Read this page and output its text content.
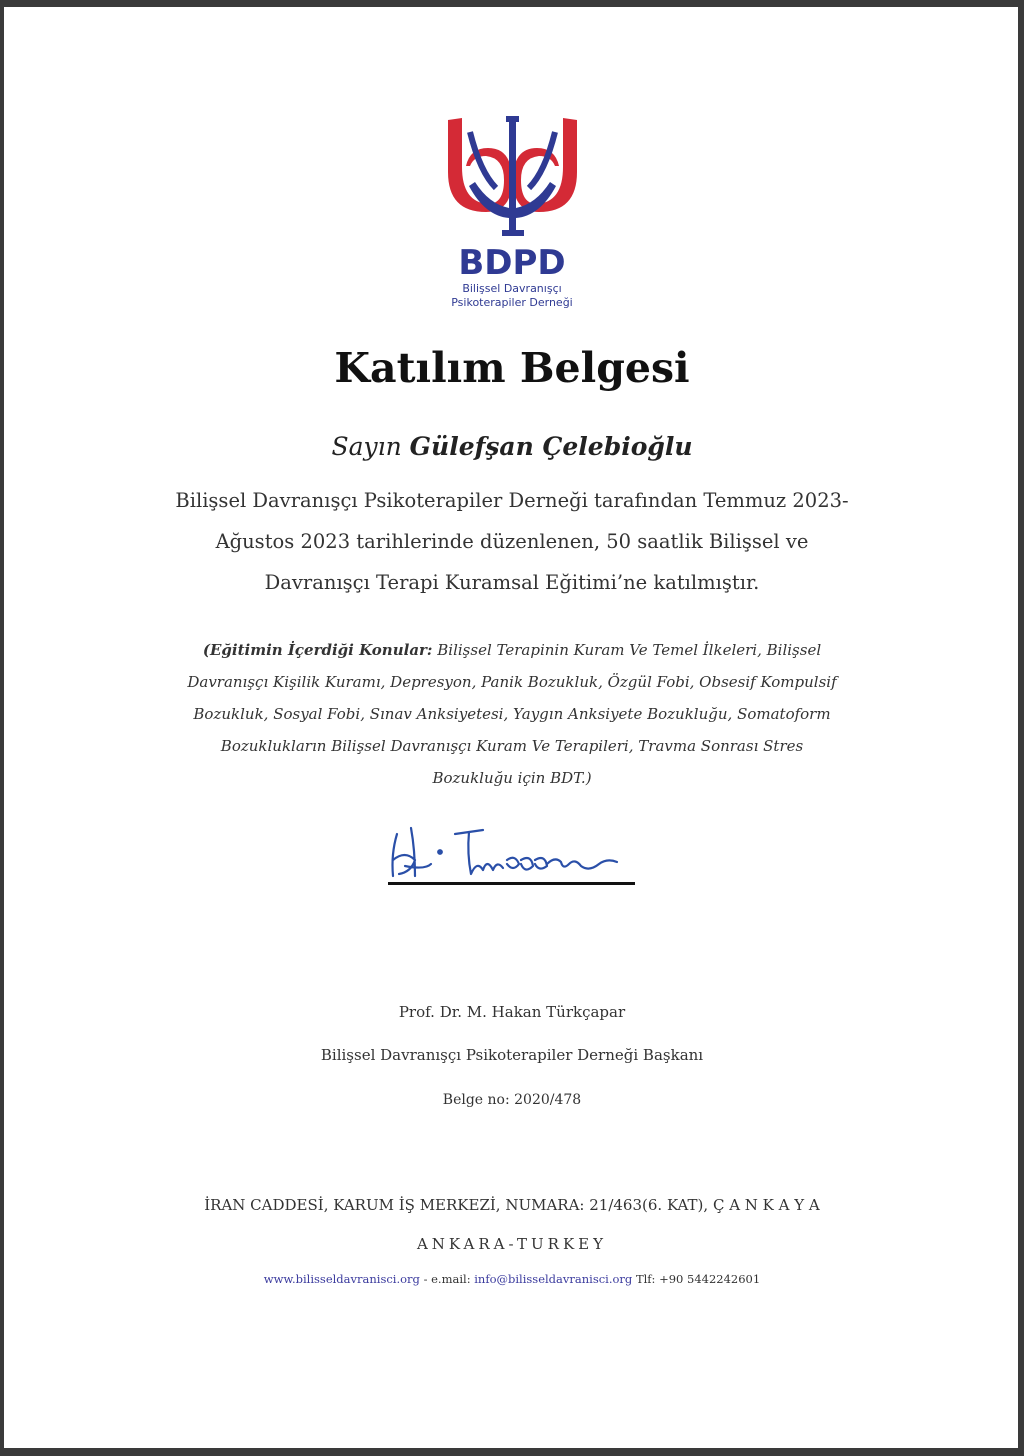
BDPD
Bilişsel Davranışçı
Psikoterapiler Derneği
Katılım Belgesi
Sayın Gülefşan Çelebioğlu
Bilişsel Davranışçı Psikoterapiler Derneği tarafından Temmuz 2023-
Ağustos 2023 tarihlerinde düzenlenen, 50 saatlik Bilişsel ve
Davranışçı Terapi Kuramsal Eğitimi’ne katılmıştır.
(Eğitimin İçerdiği Konular: Bilişsel Terapinin Kuram Ve Temel İlkeleri, Bilişsel
Davranışçı Kişilik Kuramı, Depresyon, Panik Bozukluk, Özgül Fobi, Obsesif Kompulsif
Bozukluk, Sosyal Fobi, Sınav Anksiyetesi, Yaygın Anksiyete Bozukluğu, Somatoform
Bozuklukların Bilişsel Davranışçı Kuram Ve Terapileri, Travma Sonrası Stres
Bozukluğu için BDT.)
Prof. Dr. M. Hakan Türkçapar
Bilişsel Davranışçı Psikoterapiler Derneği Başkanı
Belge no: 2020/478
İRAN CADDESİ, KARUM İŞ MERKEZİ, NUMARA: 21/463(6. KAT), Ç A N K A Y A
ANKARA-TURKEY
www.bilisseldavranisci.org - e.mail: info@bilisseldavranisci.org Tlf: +90 5442242601
